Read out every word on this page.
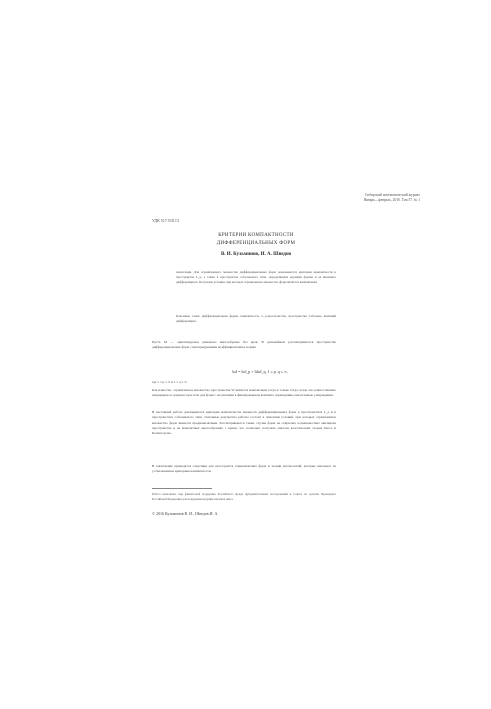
Сибирский математический журнал
Январь—февраль, 2016. Том 57, № 1
УДК 517.518.13
КРИТЕРИИ КОМПАКТНОСТИ
ДИФФЕРЕНЦИАЛЬНЫХ ФОРМ
В. И. Кузьминов, И. А. Шведов
Аннотация. Для ограниченного множества дифференциальных форм доказываются критерии компактности в пространстве L_p, а также в пространстве соболевского типа, определяемом нормами формы и её внешнего дифференциала. Получены условия, при которых ограниченное множество форм является компактным.
Ключевые слова: дифференциальная форма, компактность, L_p-пространство, пространство Соболева, внешний дифференциал.
Пусть M — ориентируемое риманово многообразие без края. В дальнейшем рассматриваются пространства дифференциальных форм с интегрируемыми коэффициентами и нормы
‖ω‖ = ‖ω‖_p + ‖dω‖_q, 1 ≤ p, q ≤ ∞,
где 1 ≤ p ≤ ∞ и 1 ≤ q ≤ ∞.
Как известно, ограниченное множество пространства W является компактным тогда и только тогда, когда оно равностепенно непрерывно в среднем; при этом для форм с носителями в фиксированном компакте справедливы аналогичные утверждения.
В настоящей работе доказываются критерии компактности множеств дифференциальных форм в пространствах L_p и в пространствах соболевского типа. Основные результаты работы состоят в описании условий, при которых ограниченное множество форм является предкомпактным. Рассматриваются также случаи форм на открытых подмножествах евклидова пространства и на компактных многообразиях с краем, что позволяет получить аналоги классических теорем Рисса и Колмогорова.
В заключение приводятся следствия для пространств гармонических форм и теории когомологий, которые вытекают из установленных критериев компактности.
Работа выполнена при финансовой поддержке Российского фонда фундаментальных исследований и Совета по грантам Президента Российской Федерации для поддержки ведущих научных школ.
© 2016 Кузьминов В. И., Шведов И. А.
